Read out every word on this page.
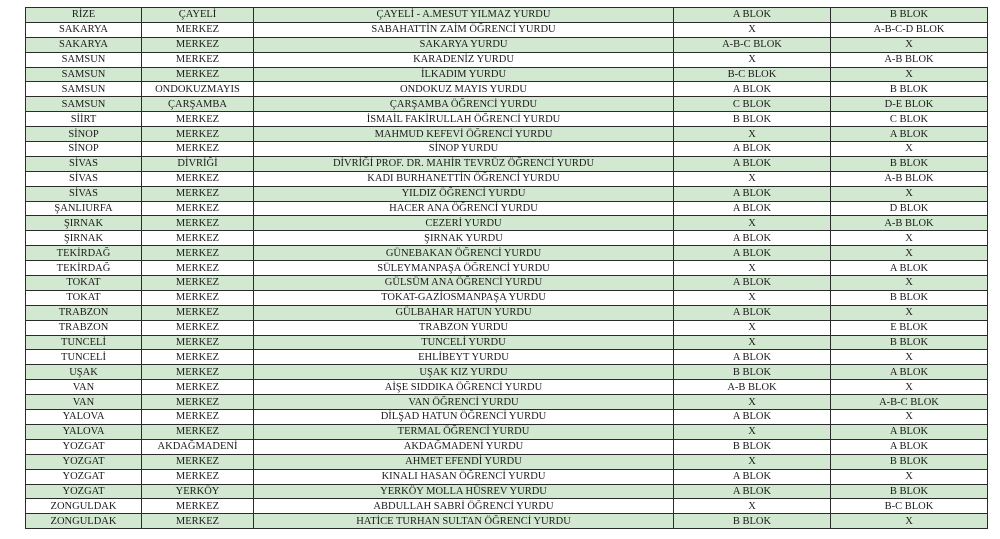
RİZE	ÇAYELİ	ÇAYELİ - A.MESUT YILMAZ YURDU	A BLOK	B BLOK
SAKARYA	MERKEZ	SABAHATTİN ZAİM ÖĞRENCİ YURDU	X	A-B-C-D BLOK
SAKARYA	MERKEZ	SAKARYA YURDU	A-B-C BLOK	X
SAMSUN	MERKEZ	KARADENİZ YURDU	X	A-B BLOK
SAMSUN	MERKEZ	İLKADIM YURDU	B-C BLOK	X
SAMSUN	ONDOKUZMAYIS	ONDOKUZ MAYIS YURDU	A BLOK	B BLOK
SAMSUN	ÇARŞAMBA	ÇARŞAMBA ÖĞRENCİ YURDU	C BLOK	D-E BLOK
SİİRT	MERKEZ	İSMAİL FAKİRULLAH ÖĞRENCİ YURDU	B BLOK	C BLOK
SİNOP	MERKEZ	MAHMUD KEFEVİ ÖĞRENCİ YURDU	X	A BLOK
SİNOP	MERKEZ	SİNOP YURDU	A BLOK	X
SİVAS	DİVRİĞİ	DİVRİĞİ PROF. DR. MAHİR TEVRÜZ ÖĞRENCİ YURDU	A BLOK	B BLOK
SİVAS	MERKEZ	KADI BURHANETTİN ÖĞRENCİ YURDU	X	A-B BLOK
SİVAS	MERKEZ	YILDIZ ÖĞRENCİ YURDU	A BLOK	X
ŞANLIURFA	MERKEZ	HACER ANA ÖĞRENCİ YURDU	A BLOK	D BLOK
ŞIRNAK	MERKEZ	CEZERİ YURDU	X	A-B BLOK
ŞIRNAK	MERKEZ	ŞIRNAK YURDU	A BLOK	X
TEKİRDAĞ	MERKEZ	GÜNEBAKAN ÖĞRENCİ YURDU	A BLOK	X
TEKİRDAĞ	MERKEZ	SÜLEYMANPAŞA ÖĞRENCİ YURDU	X	A BLOK
TOKAT	MERKEZ	GÜLSÜM ANA ÖĞRENCİ YURDU	A BLOK	X
TOKAT	MERKEZ	TOKAT-GAZİOSMANPAŞA YURDU	X	B BLOK
TRABZON	MERKEZ	GÜLBAHAR HATUN YURDU	A BLOK	X
TRABZON	MERKEZ	TRABZON YURDU	X	E BLOK
TUNCELİ	MERKEZ	TUNCELİ YURDU	X	B BLOK
TUNCELİ	MERKEZ	EHLİBEYT YURDU	A BLOK	X
UŞAK	MERKEZ	UŞAK KIZ YURDU	B BLOK	A BLOK
VAN	MERKEZ	AİŞE SIDDIKA ÖĞRENCİ YURDU	A-B BLOK	X
VAN	MERKEZ	VAN ÖĞRENCİ YURDU	X	A-B-C BLOK
YALOVA	MERKEZ	DİLŞAD HATUN ÖĞRENCİ YURDU	A BLOK	X
YALOVA	MERKEZ	TERMAL ÖĞRENCİ YURDU	X	A BLOK
YOZGAT	AKDAĞMADENİ	AKDAĞMADENİ YURDU	B BLOK	A BLOK
YOZGAT	MERKEZ	AHMET EFENDİ YURDU	X	B BLOK
YOZGAT	MERKEZ	KINALI HASAN ÖĞRENCİ YURDU	A BLOK	X
YOZGAT	YERKÖY	YERKÖY MOLLA HÜSREV YURDU	A BLOK	B BLOK
ZONGULDAK	MERKEZ	ABDULLAH SABRİ ÖĞRENCİ YURDU	X	B-C BLOK
ZONGULDAK	MERKEZ	HATİCE TURHAN SULTAN ÖĞRENCİ YURDU	B BLOK	X
